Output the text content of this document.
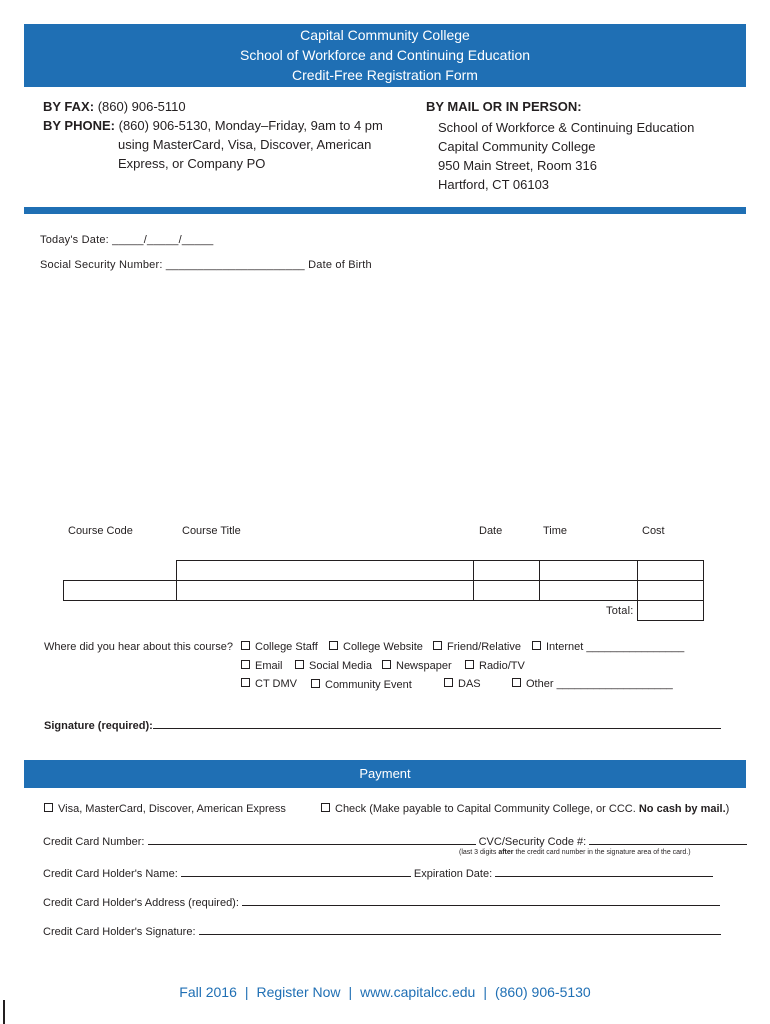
Capital Community College
School of Workforce and Continuing Education
Credit-Free Registration Form
BY FAX: (860) 906-5110
BY PHONE: (860) 906-5130, Monday–Friday, 9am to 4 pm
using MasterCard, Visa, Discover, American
Express, or Company PO
BY MAIL OR IN PERSON:
School of Workforce & Continuing Education
Capital Community College
950 Main Street, Room 316
Hartford, CT 06103
Today's Date: _____/_____/_____
Social Security Number: ______________________ Date of Birth
Course Code	Course Title	Date	Time	Cost
Total:
Where did you hear about this course?	College Staff	College Website	Friend/Relative	Internet ________________
Email	Social Media	Newspaper	Radio/TV
CT DMV	Community Event	DAS	Other ___________________
Signature (required):
Payment
Visa, MasterCard, Discover, American Express	Check (Make payable to Capital Community College, or CCC. No cash by mail.)
Credit Card Number:	CVC/Security Code #:
(last 3 digits after the credit card number in the signature area of the card.)
Credit Card Holder's Name:	Expiration Date:
Credit Card Holder's Address (required):
Credit Card Holder's Signature:
Fall 2016 | Register Now | www.capitalcc.edu | (860) 906-5130
